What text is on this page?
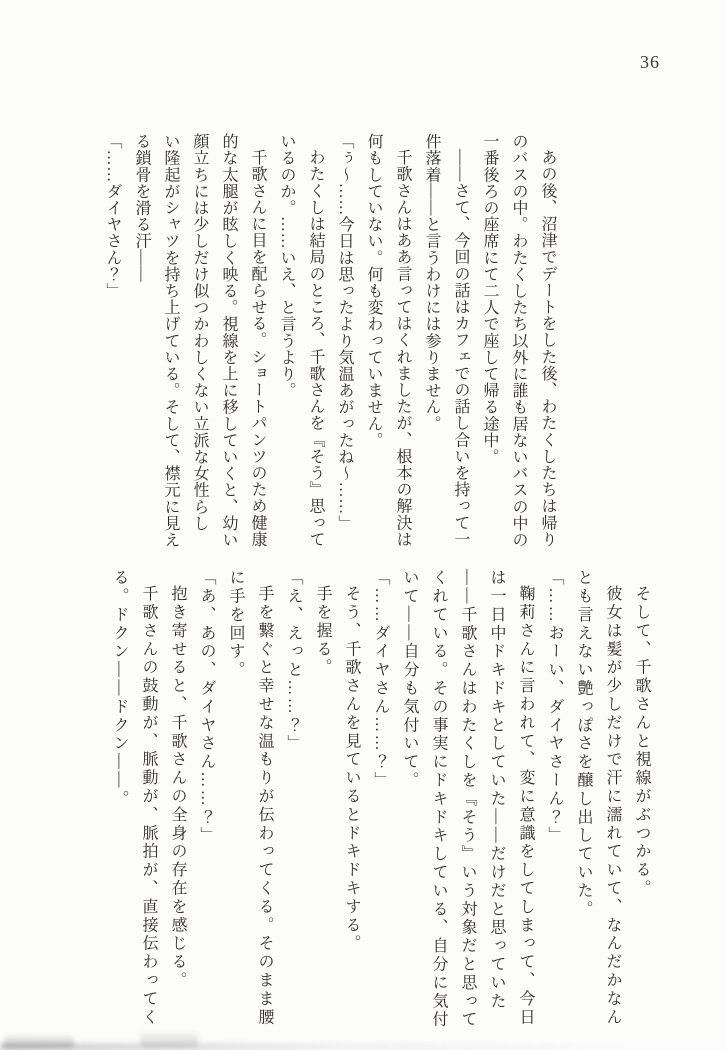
36

あの後、沼津でデートをした後、わたくしたちは帰り

のバスの中。わたくしたち以外に誰も居ないバスの中の

一番後ろの座席にて二人で座して帰る途中。

――さて、今回の話はカフェでの話し合いを持って一

件落着――と言うわけには参りません。

千歌さんはああ言ってはくれましたが、根本の解決は

何もしていない。何も変わっていません。

「ぅ〜……今日は思ったより気温あがったね〜……」

わたくしは結局のところ、千歌さんを『そう』思って

いるのか。……いえ、と言うより。

千歌さんに目を配らせる。ショートパンツのため健康

的な太腿が眩しく映る。視線を上に移していくと、幼い

顔立ちには少しだけ似つかわしくない立派な女性らし

い隆起がシャツを持ち上げている。そして、襟元に見え

る鎖骨を滑る汗――

「……ダイヤさん？」

そして、千歌さんと視線がぶつかる。

彼女は髪が少しだけで汗に濡れていて、なんだかなん

とも言えない艶っぽさを醸し出していた。

「……おーい、ダイヤさーん？」

鞠莉さんに言われて、変に意識をしてしまって、今日

は一日中ドキドキとしていた――だけだと思っていた

――千歌さんはわたくしを『そう』いう対象だと思って

くれている。その事実にドキドキしている、自分に気付

いて――自分も気付いて。

「……ダイヤさん……？」

そう、千歌さんを見ているとドキドキする。

手を握る。

「え、えっと……？」

手を繋ぐと幸せな温もりが伝わってくる。そのまま腰

に手を回す。

「あ、あの、ダイヤさん……？」

抱き寄せると、千歌さんの全身の存在を感じる。

千歌さんの鼓動が、脈動が、脈拍が、直接伝わってく

る。ドクン――ドクン――。
